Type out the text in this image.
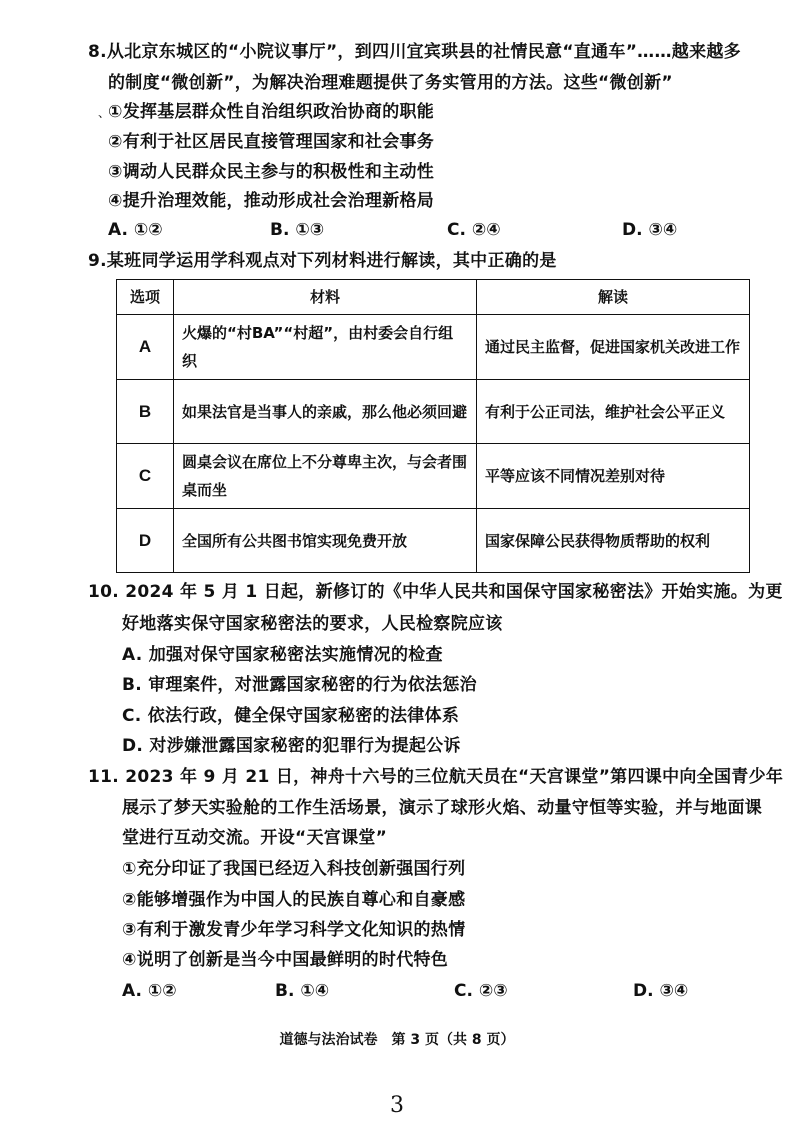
8.从北京东城区的“小院议事厅”，到四川宜宾珙县的社情民意“直通车”……越来越多
的制度“微创新”，为解决治理难题提供了务实管用的方法。这些“微创新”
、
①发挥基层群众性自治组织政治协商的职能
②有利于社区居民直接管理国家和社会事务
③调动人民群众民主参与的积极性和主动性
④提升治理效能，推动形成社会治理新格局
A. ①②	B. ①③	C. ②④	D. ③④
9.某班同学运用学科观点对下列材料进行解读，其中正确的是
选项	材料	解读
A	火爆的“村BA”“村超”，由村委会自行组织	通过民主监督，促进国家机关改进工作
B	如果法官是当事人的亲戚，那么他必须回避	有利于公正司法，维护社会公平正义
C	圆桌会议在席位上不分尊卑主次，与会者围桌而坐	平等应该不同情况差别对待
D	全国所有公共图书馆实现免费开放	国家保障公民获得物质帮助的权利
10. 2024 年 5 月 1 日起，新修订的《中华人民共和国保守国家秘密法》开始实施。为更
好地落实保守国家秘密法的要求，人民检察院应该
A. 加强对保守国家秘密法实施情况的检查
B. 审理案件，对泄露国家秘密的行为依法惩治
C. 依法行政，健全保守国家秘密的法律体系
D. 对涉嫌泄露国家秘密的犯罪行为提起公诉
11. 2023 年 9 月 21 日，神舟十六号的三位航天员在“天宫课堂”第四课中向全国青少年
展示了梦天实验舱的工作生活场景，演示了球形火焰、动量守恒等实验，并与地面课
堂进行互动交流。开设“天宫课堂”
①充分印证了我国已经迈入科技创新强国行列
②能够增强作为中国人的民族自尊心和自豪感
③有利于激发青少年学习科学文化知识的热情
④说明了创新是当今中国最鲜明的时代特色
A. ①②	B. ①④	C. ②③	D. ③④
道德与法治试卷　第 3 页（共 8 页）
3
